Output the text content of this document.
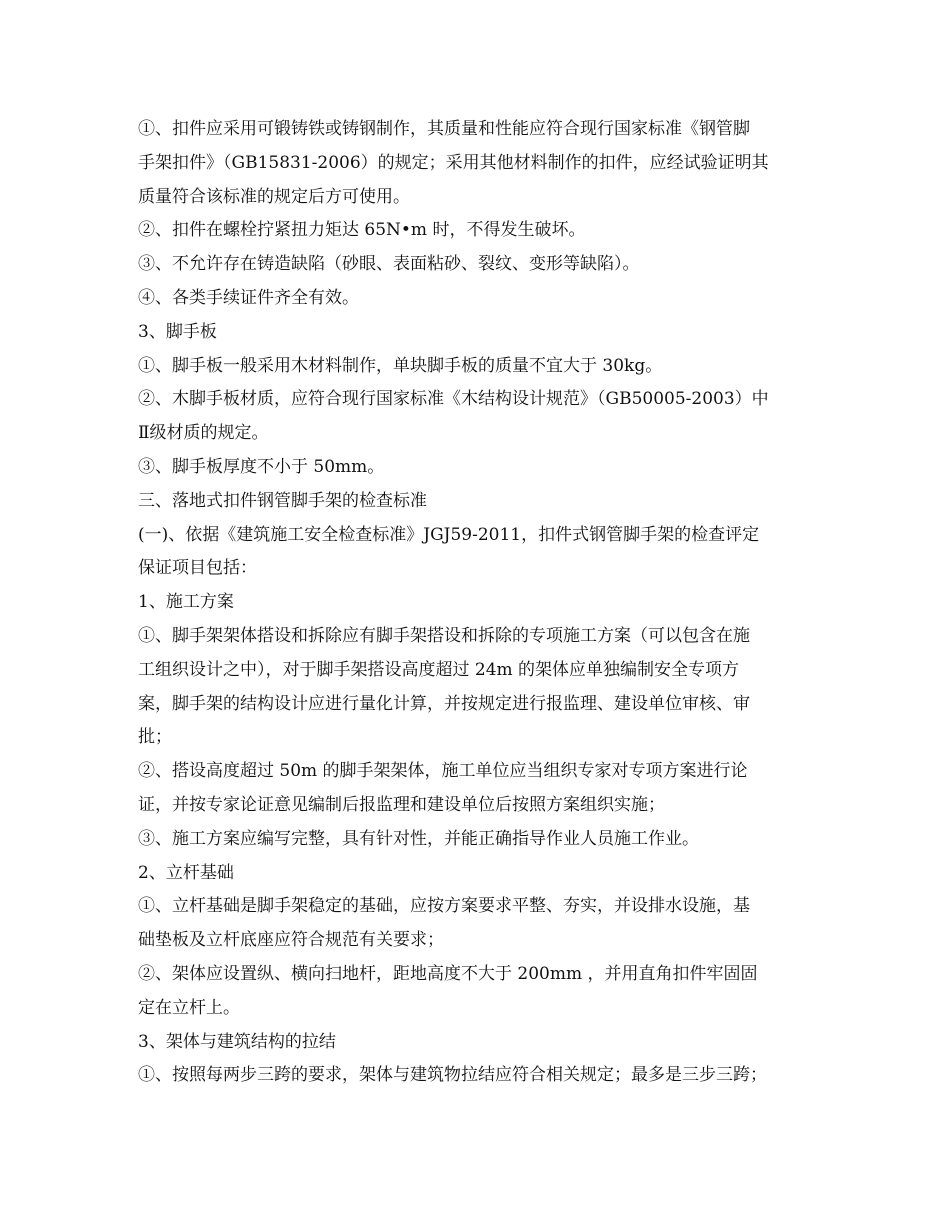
①、扣件应采用可锻铸铁或铸钢制作，其质量和性能应符合现行国家标准《钢管脚

手架扣件》（GB15831-2006）的规定；采用其他材料制作的扣件，应经试验证明其

质量符合该标准的规定后方可使用。

②、扣件在螺栓拧紧扭力矩达 65N•m 时，不得发生破坏。

③、不允许存在铸造缺陷（砂眼、表面粘砂、裂纹、变形等缺陷）。

④、各类手续证件齐全有效。

3、脚手板

①、脚手板一般采用木材料制作，单块脚手板的质量不宜大于 30kg。

②、木脚手板材质，应符合现行国家标准《木结构设计规范》（GB50005-2003）中

Ⅱ级材质的规定。

③、脚手板厚度不小于 50mm。

三、落地式扣件钢管脚手架的检查标准

(一)、依据《建筑施工安全检查标准》JGJ59-2011，扣件式钢管脚手架的检查评定

保证项目包括：

1、施工方案

①、脚手架架体搭设和拆除应有脚手架搭设和拆除的专项施工方案（可以包含在施

工组织设计之中），对于脚手架搭设高度超过 24m 的架体应单独编制安全专项方

案，脚手架的结构设计应进行量化计算，并按规定进行报监理、建设单位审核、审

批；

②、搭设高度超过 50m 的脚手架架体，施工单位应当组织专家对专项方案进行论

证，并按专家论证意见编制后报监理和建设单位后按照方案组织实施；

③、施工方案应编写完整，具有针对性，并能正确指导作业人员施工作业。

2、立杆基础

①、立杆基础是脚手架稳定的基础，应按方案要求平整、夯实，并设排水设施，基

础垫板及立杆底座应符合规范有关要求；

②、架体应设置纵、横向扫地杆，距地高度不大于 200mm ，并用直角扣件牢固固

定在立杆上。

3、架体与建筑结构的拉结

①、按照每两步三跨的要求，架体与建筑物拉结应符合相关规定；最多是三步三跨；
